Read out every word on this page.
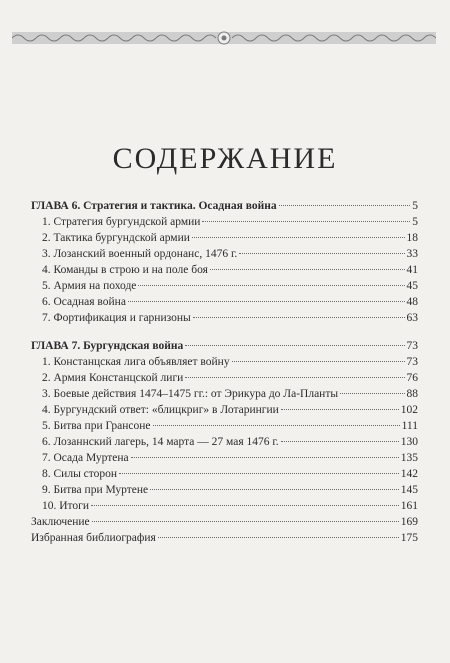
СОДЕРЖАНИЕ
ГЛАВА 6. Стратегия и тактика. Осадная война	5
1. Стратегия бургундской армии	5
2. Тактика бургундской армии	18
3. Лозанский военный ордонанс, 1476 г.	33
4. Команды в строю и на поле боя	41
5. Армия на походе	45
6. Осадная война	48
7. Фортификация и гарнизоны	63
ГЛАВА 7. Бургундская война	73
1. Констанцская лига объявляет войну	73
2. Армия Констанцской лиги	76
3. Боевые действия 1474–1475 гг.: от Эрикура до Ла-Планты	88
4. Бургундский ответ: «блицкриг» в Лотарингии	102
5. Битва при Грансоне	111
6. Лозаннский лагерь, 14 марта — 27 мая 1476 г.	130
7. Осада Муртена	135
8. Силы сторон	142
9. Битва при Муртене	145
10. Итоги	161
Заключение	169
Избранная библиография	175
